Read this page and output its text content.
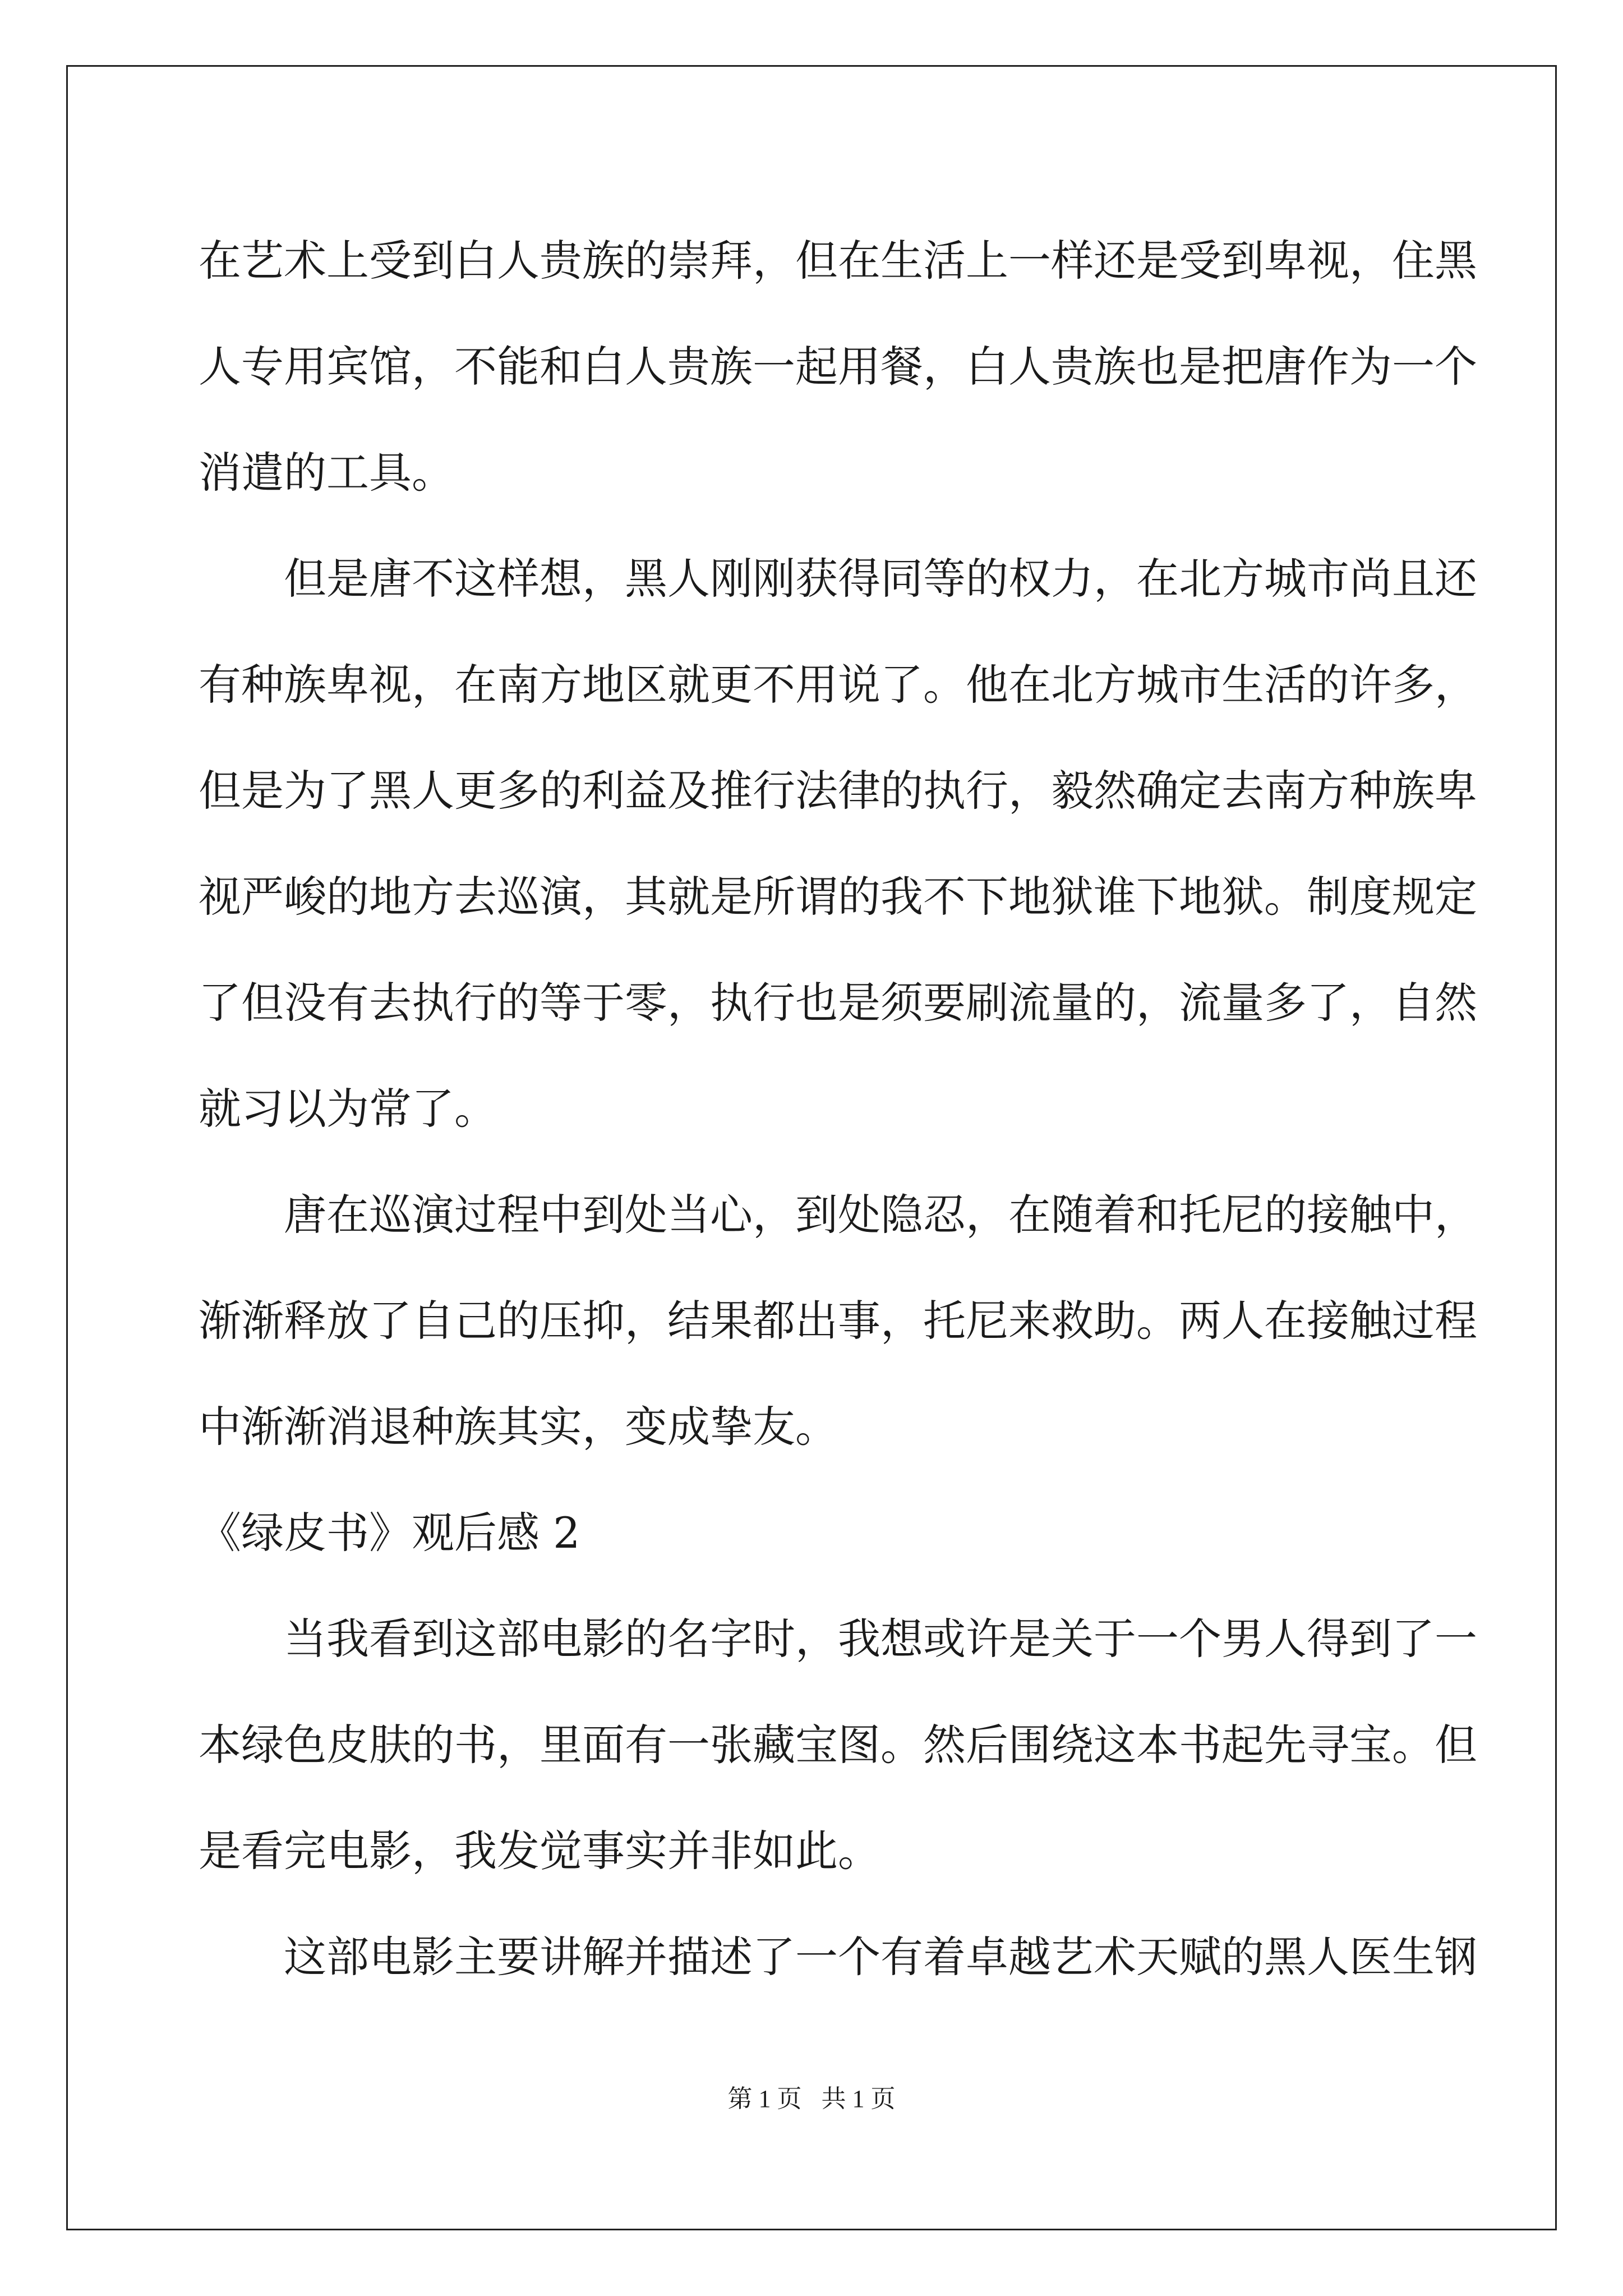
在艺术上受到白人贵族的崇拜，但在生活上一样还是受到卑视，住黑
人专用宾馆，不能和白人贵族一起用餐，白人贵族也是把唐作为一个
消遣的工具。
但是唐不这样想，黑人刚刚获得同等的权力，在北方城市尚且还
有种族卑视，在南方地区就更不用说了。他在北方城市生活的许多，
但是为了黑人更多的利益及推行法律的执行，毅然确定去南方种族卑
视严峻的地方去巡演，其就是所谓的我不下地狱谁下地狱。制度规定
了但没有去执行的等于零，执行也是须要刷流量的，流量多了，自然
就习以为常了。
唐在巡演过程中到处当心，到处隐忍，在随着和托尼的接触中，
渐渐释放了自己的压抑，结果都出事，托尼来救助。两人在接触过程
中渐渐消退种族其实，变成挚友。
《绿皮书》观后感 2
当我看到这部电影的名字时，我想或许是关于一个男人得到了一
本绿色皮肤的书，里面有一张藏宝图。然后围绕这本书起先寻宝。但
是看完电影，我发觉事实并非如此。
这部电影主要讲解并描述了一个有着卓越艺术天赋的黑人医生钢
第 1 页 共 1 页
